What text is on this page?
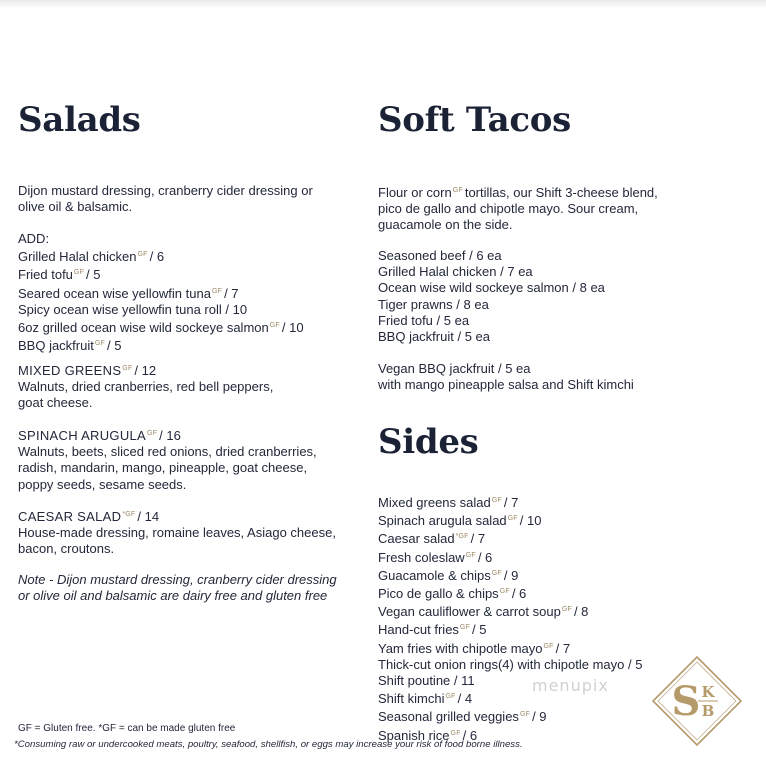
Salads
Dijon mustard dressing, cranberry cider dressing or
olive oil & balsamic.
ADD:
Grilled Halal chicken$^{GF}$ / 6
Fried tofu$^{GF}$ / 5
Seared ocean wise yellowfin tuna$^{GF}$ / 7
Spicy ocean wise yellowfin tuna roll / 10
6oz grilled ocean wise wild sockeye salmon$^{GF}$ / 10
BBQ jackfruit$^{GF}$ / 5
MIXED $GREENS^{GF} / 12$
Walnuts, dried cranberries, red bell peppers,
goat cheese.
SPINACH $ARUGULA^{GF} / 16$
Walnuts, beets, sliced red onions, dried cranberries,
radish, mandarin, mango, pineapple, goat cheese,
poppy seeds, sesame seeds.
CAESAR $SALAD^{*GF} / 14$
House-made dressing, romaine leaves, Asiago cheese,
bacon, croutons.
Note - Dijon mustard dressing, cranberry cider dressing
or olive oil and balsamic are dairy free and gluten free
Soft Tacos
Flour or corn$^{GF}$ tortillas, our Shift 3-cheese blend,
pico de gallo and chipotle mayo. Sour cream,
guacamole on the side.
Seasoned beef / 6 ea
Grilled Halal chicken / 7 ea
Ocean wise wild sockeye salmon / 8 ea
Tiger prawns / 8 ea
Fried tofu / 5 ea
BBQ jackfruit / 5 ea
Vegan BBQ jackfruit / 5 ea
with mango pineapple salsa and Shift kimchi
Sides
Mixed greens salad$^{GF}$ / 7
Spinach arugula salad$^{GF}$ / 10
Caesar salad$^{*GF}$ / 7
Fresh coleslaw$^{GF}$ / 6
Guacamole & chips$^{GF}$ / 9
Pico de gallo & chips$^{GF}$ / 6
Vegan cauliflower & carrot soup$^{GF}$ / 8
Hand-cut fries$^{GF}$ / 5
Yam fries with chipotle mayo$^{GF}$ / 7
Thick-cut onion rings(4) with chipotle mayo / 5
Shift poutine / 11
Shift kimchi$^{GF}$ / 4
Seasonal grilled veggies$^{GF}$ / 9
Spanish rice$^{GF}$ / 6
menupix S K
B
GF = Gluten free. *GF = can be made gluten free
*Consuming raw or undercooked meats, poultry, seafood, shellfish, or eggs may increase your risk of food borne illness.
